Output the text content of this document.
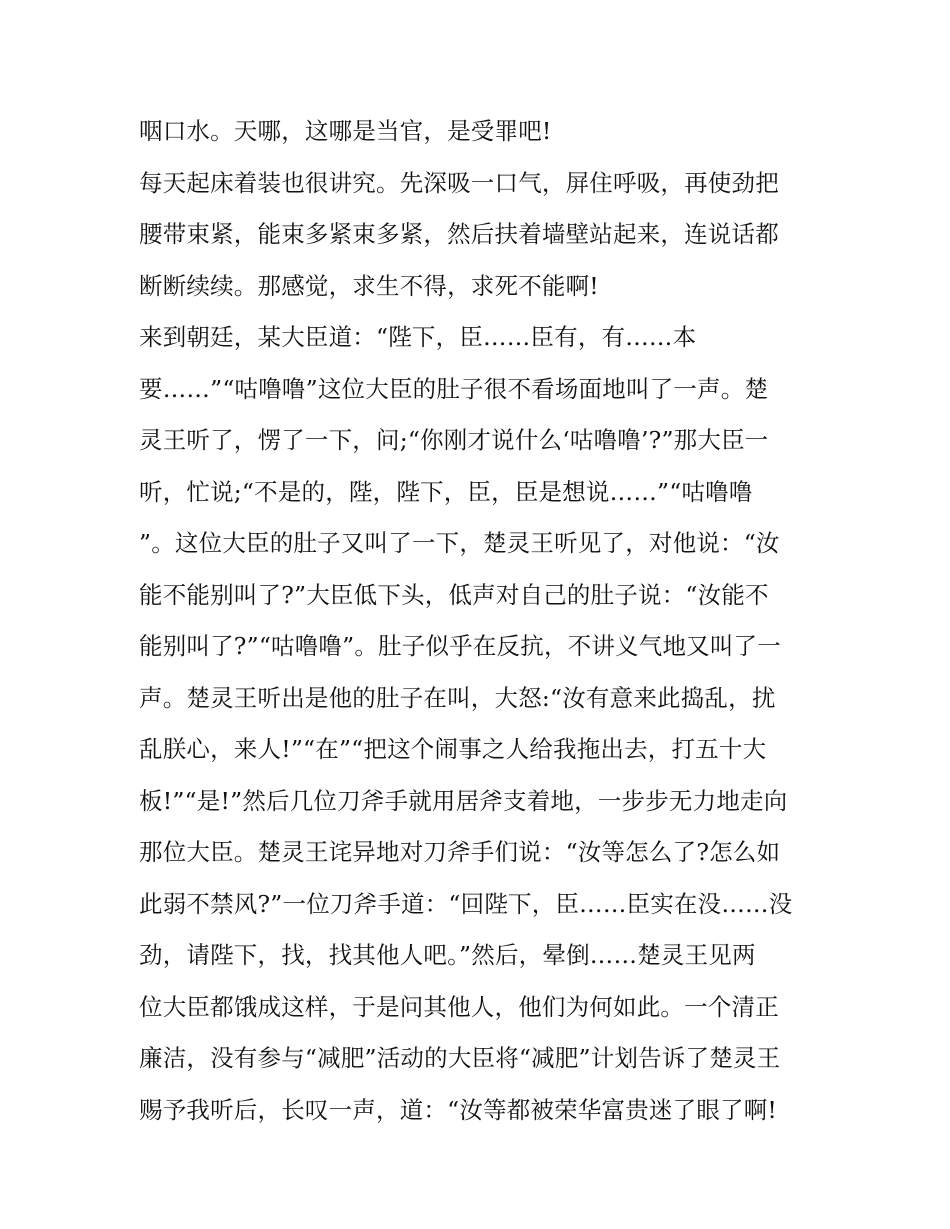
咽口水。天哪，这哪是当官，是受罪吧!
每天起床着装也很讲究。先深吸一口气，屏住呼吸，再使劲把
腰带束紧，能束多紧束多紧，然后扶着墙壁站起来，连说话都
断断续续。那感觉，求生不得，求死不能啊!
来到朝廷，某大臣道：“陛下，臣……臣有，有……本
要……”“咕噜噜”这位大臣的肚子很不看场面地叫了一声。楚
灵王听了，愣了一下，问;“你刚才说什么‘咕噜噜’?”那大臣一
听，忙说;“不是的，陛，陛下，臣，臣是想说……”“咕噜噜
”。这位大臣的肚子又叫了一下，楚灵王听见了，对他说：“汝
能不能别叫了?”大臣低下头，低声对自己的肚子说：“汝能不
能别叫了?”“咕噜噜”。肚子似乎在反抗，不讲义气地又叫了一
声。楚灵王听出是他的肚子在叫，大怒:“汝有意来此捣乱，扰
乱朕心，来人!”“在”“把这个闹事之人给我拖出去，打五十大
板!”“是!”然后几位刀斧手就用居斧支着地，一步步无力地走向
那位大臣。楚灵王诧异地对刀斧手们说：“汝等怎么了?怎么如
此弱不禁风?”一位刀斧手道：“回陛下，臣……臣实在没……没
劲，请陛下，找，找其他人吧。”然后，晕倒……楚灵王见两
位大臣都饿成这样，于是问其他人，他们为何如此。一个清正
廉洁，没有参与“减肥”活动的大臣将“减肥”计划告诉了楚灵王
赐予我听后，长叹一声，道：“汝等都被荣华富贵迷了眼了啊!
